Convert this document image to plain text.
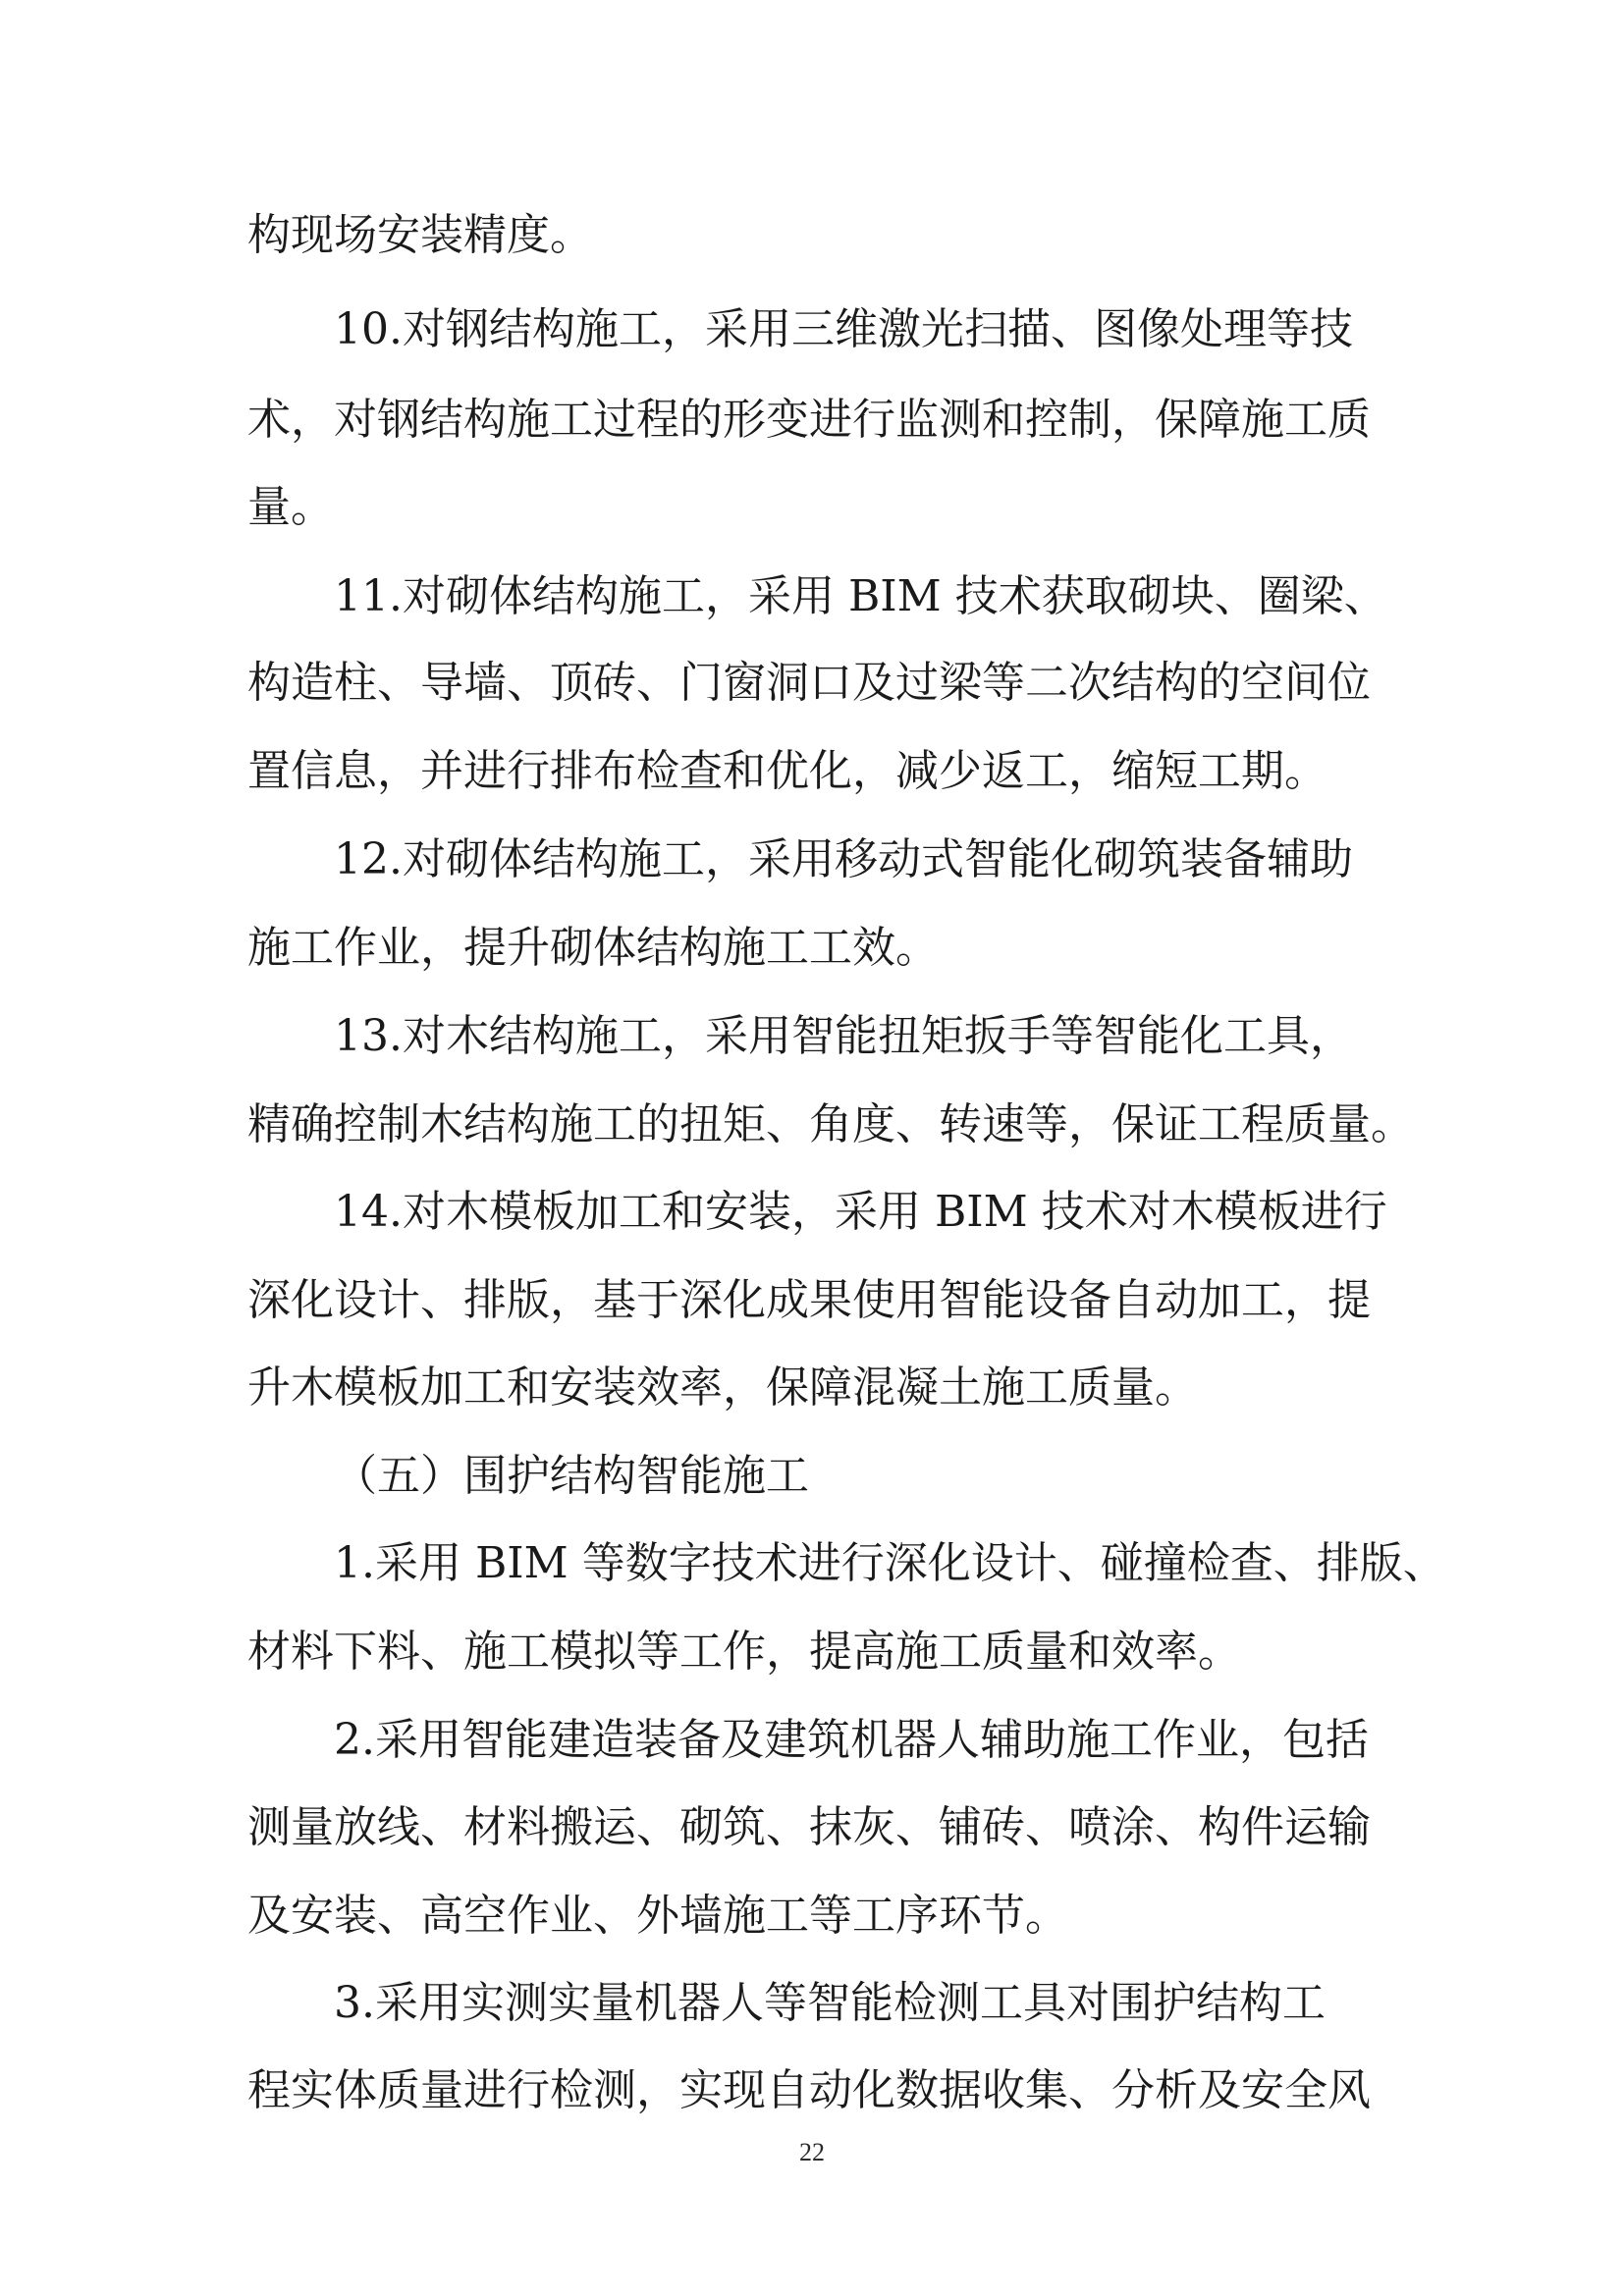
构现场安装精度。
10.对钢结构施工，采用三维激光扫描、图像处理等技
术，对钢结构施工过程的形变进行监测和控制，保障施工质
量。
11.对砌体结构施工，采用 BIM 技术获取砌块、圈梁、
构造柱、导墙、顶砖、门窗洞口及过梁等二次结构的空间位
置信息，并进行排布检查和优化，减少返工，缩短工期。
12.对砌体结构施工，采用移动式智能化砌筑装备辅助
施工作业，提升砌体结构施工工效。
13.对木结构施工，采用智能扭矩扳手等智能化工具，
精确控制木结构施工的扭矩、角度、转速等，保证工程质量。
14.对木模板加工和安装，采用 BIM 技术对木模板进行
深化设计、排版，基于深化成果使用智能设备自动加工，提
升木模板加工和安装效率，保障混凝土施工质量。
（五）围护结构智能施工
1.采用 BIM 等数字技术进行深化设计、碰撞检查、排版、
材料下料、施工模拟等工作，提高施工质量和效率。
2.采用智能建造装备及建筑机器人辅助施工作业，包括
测量放线、材料搬运、砌筑、抹灰、铺砖、喷涂、构件运输
及安装、高空作业、外墙施工等工序环节。
3.采用实测实量机器人等智能检测工具对围护结构工
程实体质量进行检测，实现自动化数据收集、分析及安全风
22
